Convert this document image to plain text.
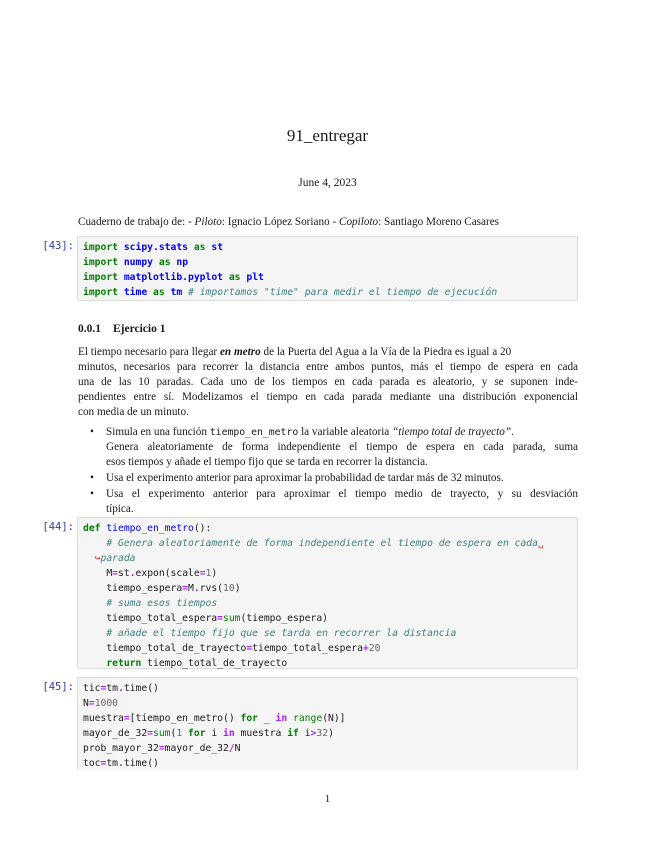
91_entregar
June 4, 2023
Cuaderno de trabajo de: - Piloto: Ignacio López Soriano - Copiloto: Santiago Moreno Casares
[43]: import scipy.stats as st
import numpy as np
import matplotlib.pyplot as plt
import time as tm # importamos "time" para medir el tiempo de ejecución
0.0.1 Ejercicio 1
El tiempo necesario para llegar en metro de la Puerta del Agua a la Vía de la Piedra es igual a 20
minutos, necesarios para recorrer la distancia entre ambos puntos, más el tiempo de espera en cada
una de las 10 paradas. Cada uno de los tiempos en cada parada es aleatorio, y se suponen inde-
pendientes entre sí. Modelizamos el tiempo en cada parada mediante una distribución exponencial
con media de un minuto.
• Simula en una función tiempo_en_metro la variable aleatoria “tiempo total de trayecto”.
Genera aleatoriamente de forma independiente el tiempo de espera en cada parada, suma
esos tiempos y añade el tiempo fijo que se tarda en recorrer la distancia.
• Usa el experimento anterior para aproximar la probabilidad de tardar más de 32 minutos.
• Usa el experimento anterior para aproximar el tiempo medio de trayecto, y su desviación
típica.
[44]: def tiempo_en_metro():
# Genera aleatoriamente de forma independiente el tiempo de espera en cada␣
↪parada
M=st.expon(scale=1)
tiempo_espera=M.rvs(10)
# suma esos tiempos
tiempo_total_espera=sum(tiempo_espera)
# añade el tiempo fijo que se tarda en recorrer la distancia
tiempo_total_de_trayecto=tiempo_total_espera+20
return tiempo_total_de_trayecto
[45]: tic=tm.time()
N=1000
muestra=[tiempo_en_metro() for _ in range(N)]
mayor_de_32=sum(1 for i in muestra if i>32)
prob_mayor_32=mayor_de_32/N
toc=tm.time()
1
